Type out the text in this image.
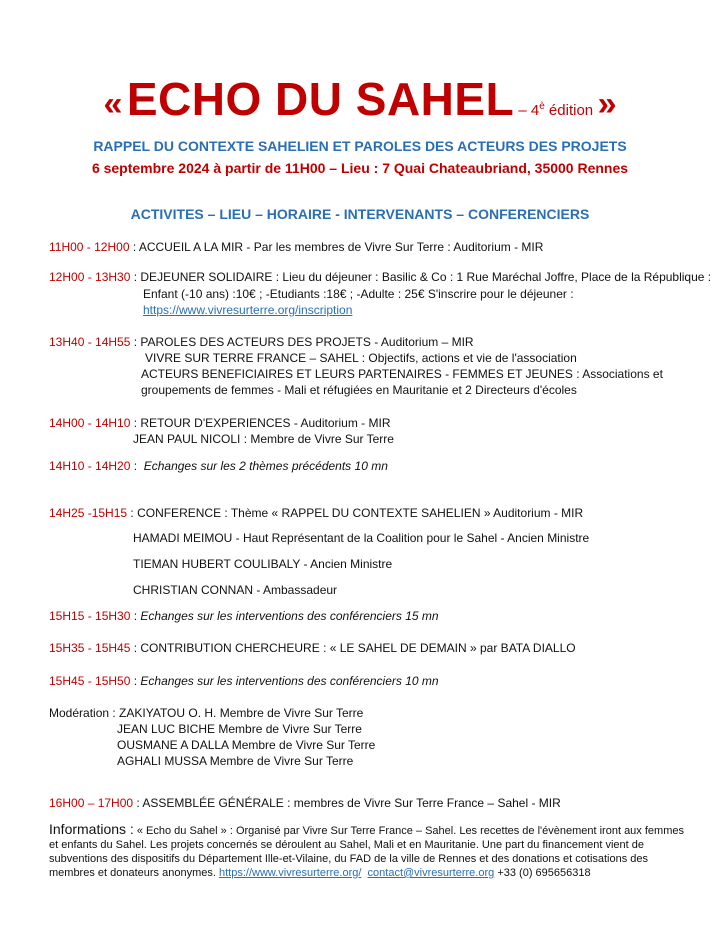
« ECHO DU SAHEL – $4^è$ édition »
RAPPEL DU CONTEXTE SAHELIEN ET PAROLES DES ACTEURS DES PROJETS
6 septembre 2024 à partir de 11H00 – Lieu : 7 Quai Chateaubriand, 35000 Rennes
ACTIVITES – LIEU – HORAIRE - INTERVENANTS – CONFERENCIERS
11H00 - 12H00 : ACCUEIL A LA MIR - Par les membres de Vivre Sur Terre : Auditorium - MIR
12H00 - 13H30 : DEJEUNER SOLIDAIRE : Lieu du déjeuner : Basilic & Co : 1 Rue Maréchal Joffre, Place de la République :
Enfant (-10 ans) :10€ ; -Etudiants :18€ ; -Adulte : 25€ S'inscrire pour le déjeuner :
https://www.vivresurterre.org/inscription
13H40 - 14H55 : PAROLES DES ACTEURS DES PROJETS - Auditorium – MIR
VIVRE SUR TERRE FRANCE – SAHEL : Objectifs, actions et vie de l'association
ACTEURS BENEFICIAIRES ET LEURS PARTENAIRES - FEMMES ET JEUNES : Associations et
groupements de femmes - Mali et réfugiées en Mauritanie et 2 Directeurs d'écoles
14H00 - 14H10 : RETOUR D'EXPERIENCES - Auditorium - MIR
JEAN PAUL NICOLI : Membre de Vivre Sur Terre
14H10 - 14H20 :  Echanges sur les 2 thèmes précédents 10 mn
14H25 -15H15 : CONFERENCE : Thème « RAPPEL DU CONTEXTE SAHELIEN » Auditorium - MIR
HAMADI MEIMOU - Haut Représentant de la Coalition pour le Sahel - Ancien Ministre
TIEMAN HUBERT COULIBALY - Ancien Ministre
CHRISTIAN CONNAN - Ambassadeur
15H15 - 15H30 : Echanges sur les interventions des conférenciers 15 mn
15H35 - 15H45 : CONTRIBUTION CHERCHEURE : « LE SAHEL DE DEMAIN » par BATA DIALLO
15H45 - 15H50 : Echanges sur les interventions des conférenciers 10 mn
Modération : ZAKIYATOU O. H. Membre de Vivre Sur Terre
JEAN LUC BICHE Membre de Vivre Sur Terre
OUSMANE A DALLA Membre de Vivre Sur Terre
AGHALI MUSSA Membre de Vivre Sur Terre
16H00 – 17H00 : ASSEMBLÉE GÉNÉRALE : membres de Vivre Sur Terre France – Sahel - MIR
Informations : « Echo du Sahel » : Organisé par Vivre Sur Terre France – Sahel. Les recettes de l'évènement iront aux femmes et enfants du Sahel. Les projets concernés se déroulent au Sahel, Mali et en Mauritanie. Une part du financement vient de subventions des dispositifs du Département Ille-et-Vilaine, du FAD de la ville de Rennes et des donations et cotisations des membres et donateurs anonymes. https://www.vivresurterre.org/ contact@vivresurterre.org +33 (0) 695656318
